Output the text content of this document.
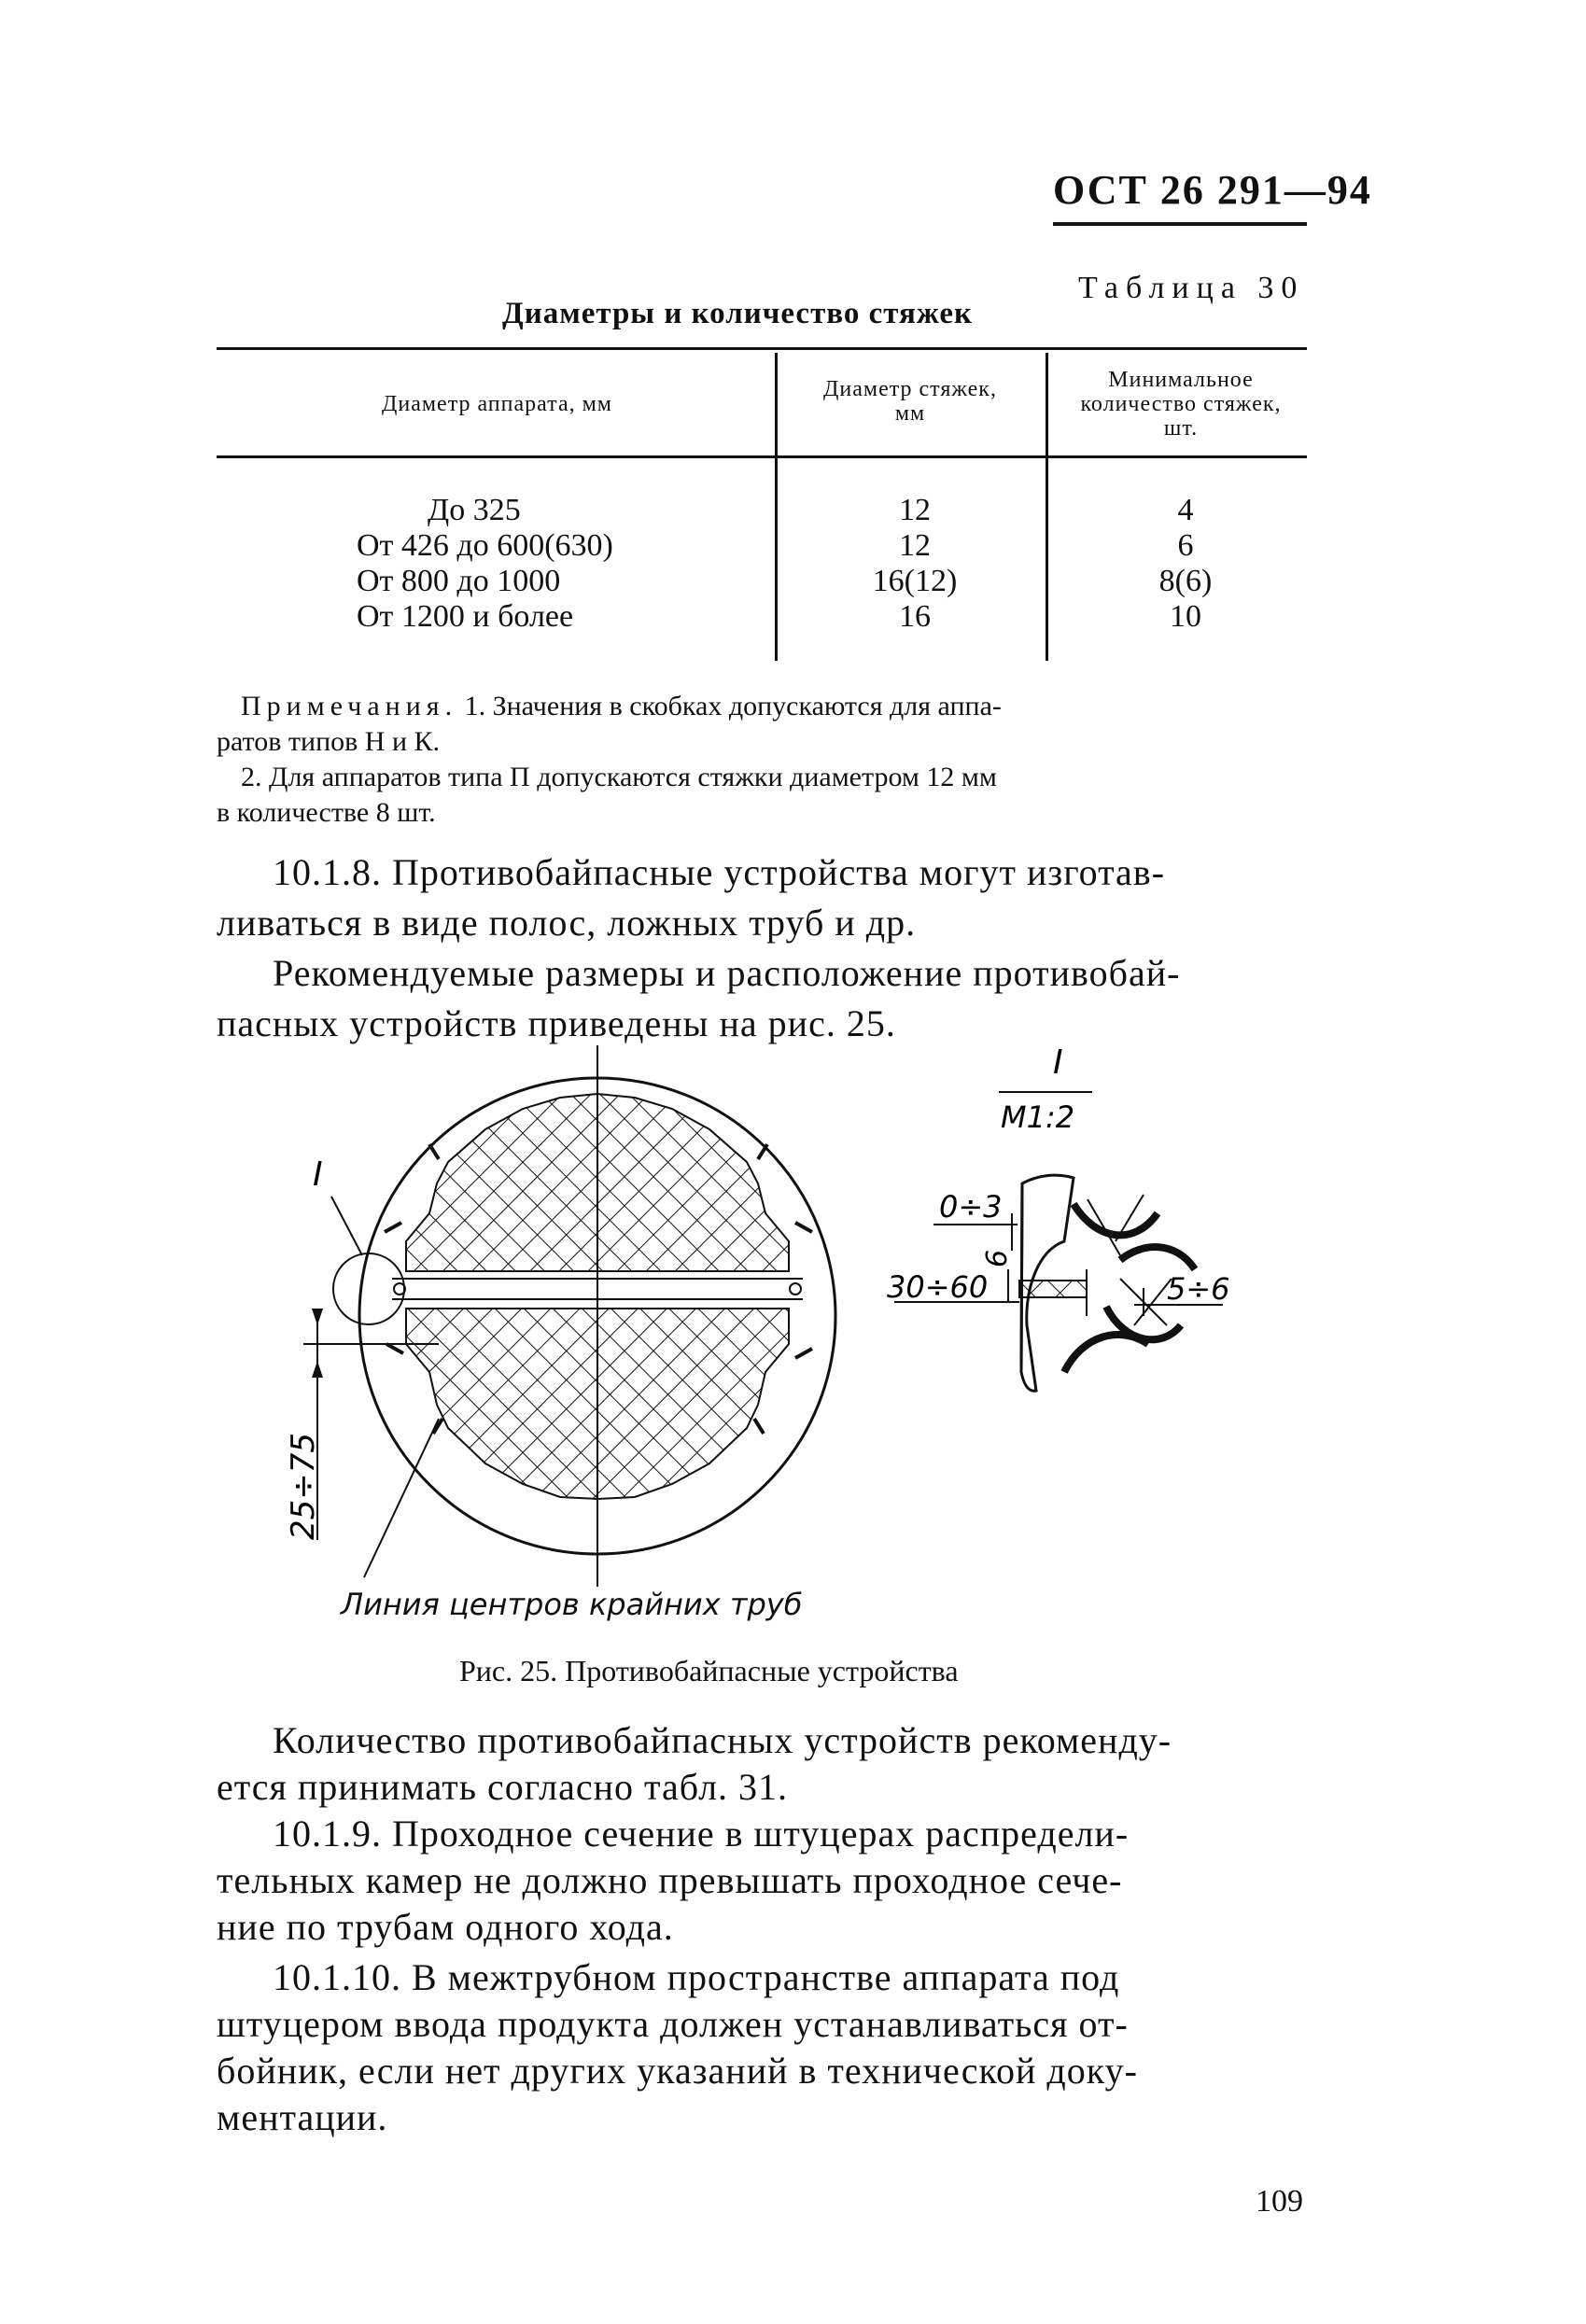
ОСТ 26 291—94
Таблица 30
Диаметры и количество стяжек
Диаметр аппарата, мм
Диаметр стяжек, мм
Минимальное количество стяжек, шт.
До 325
От 426 до 600(630)
От 800 до 1000
От 1200 и более
12
12
16(12)
16
4
6
8(6)
10
Примечания. 1. Значения в скобках допускаются для аппа-
ратов типов Н и К.
2. Для аппаратов типа П допускаются стяжки диаметром 12 мм
в количестве 8 шт.
10.1.8. Противобайпасные устройства могут изготав-
ливаться в виде полос, ложных труб и др.
Рекомендуемые размеры и расположение противобай-
пасных устройств приведены на рис. 25.
I
25÷75
I
М1:2
0÷3
6
30÷60	5÷6
Линия центров крайних труб
Рис. 25. Противобайпасные устройства
Количество противобайпасных устройств рекоменду-
ется принимать согласно табл. 31.
10.1.9. Проходное сечение в штуцерах распредели-
тельных камер не должно превышать проходное сече-
ние по трубам одного хода.
10.1.10. В межтрубном пространстве аппарата под
штуцером ввода продукта должен устанавливаться от-
бойник, если нет других указаний в технической доку-
ментации.
109
